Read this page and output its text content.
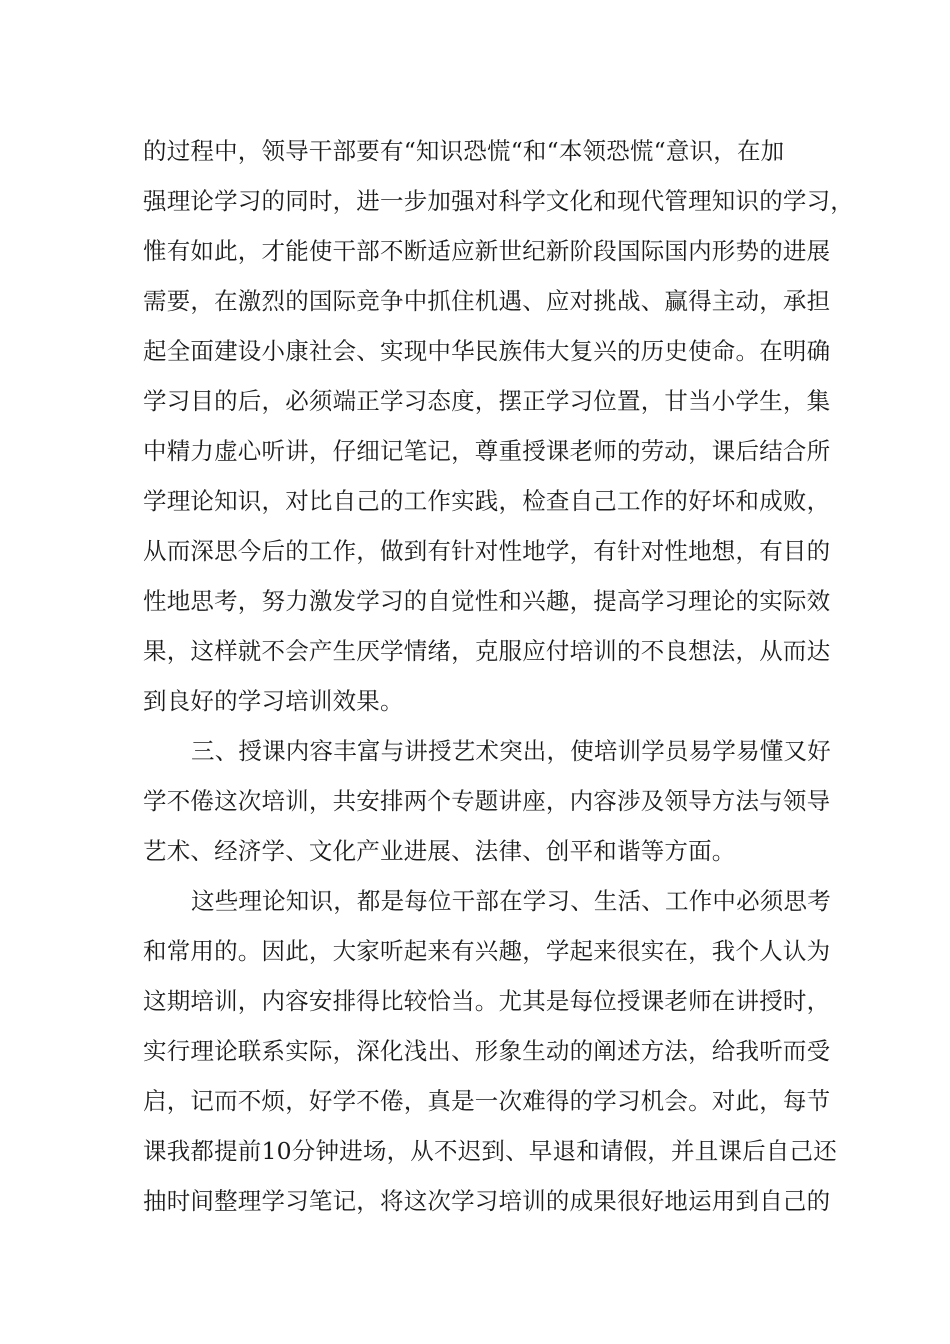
的过程中，领导干部要有“知识恐慌“和“本领恐慌“意识，在加
强理论学习的同时，进一步加强对科学文化和现代管理知识的学习，
惟有如此，才能使干部不断适应新世纪新阶段国际国内形势的进展
需要，在激烈的国际竞争中抓住机遇、应对挑战、赢得主动，承担
起全面建设小康社会、实现中华民族伟大复兴的历史使命。在明确
学习目的后，必须端正学习态度，摆正学习位置，甘当小学生，集
中精力虚心听讲，仔细记笔记，尊重授课老师的劳动，课后结合所
学理论知识，对比自己的工作实践，检查自己工作的好坏和成败，
从而深思今后的工作，做到有针对性地学，有针对性地想，有目的
性地思考，努力激发学习的自觉性和兴趣，提高学习理论的实际效
果，这样就不会产生厌学情绪，克服应付培训的不良想法，从而达
到良好的学习培训效果。
三、授课内容丰富与讲授艺术突出，使培训学员易学易懂又好
学不倦这次培训，共安排两个专题讲座，内容涉及领导方法与领导
艺术、经济学、文化产业进展、法律、创平和谐等方面。
这些理论知识，都是每位干部在学习、生活、工作中必须思考
和常用的。因此，大家听起来有兴趣，学起来很实在，我个人认为
这期培训，内容安排得比较恰当。尤其是每位授课老师在讲授时，
实行理论联系实际，深化浅出、形象生动的阐述方法，给我听而受
启，记而不烦，好学不倦，真是一次难得的学习机会。对此，每节
课我都提前10分钟进场，从不迟到、早退和请假，并且课后自己还
抽时间整理学习笔记，将这次学习培训的成果很好地运用到自己的
